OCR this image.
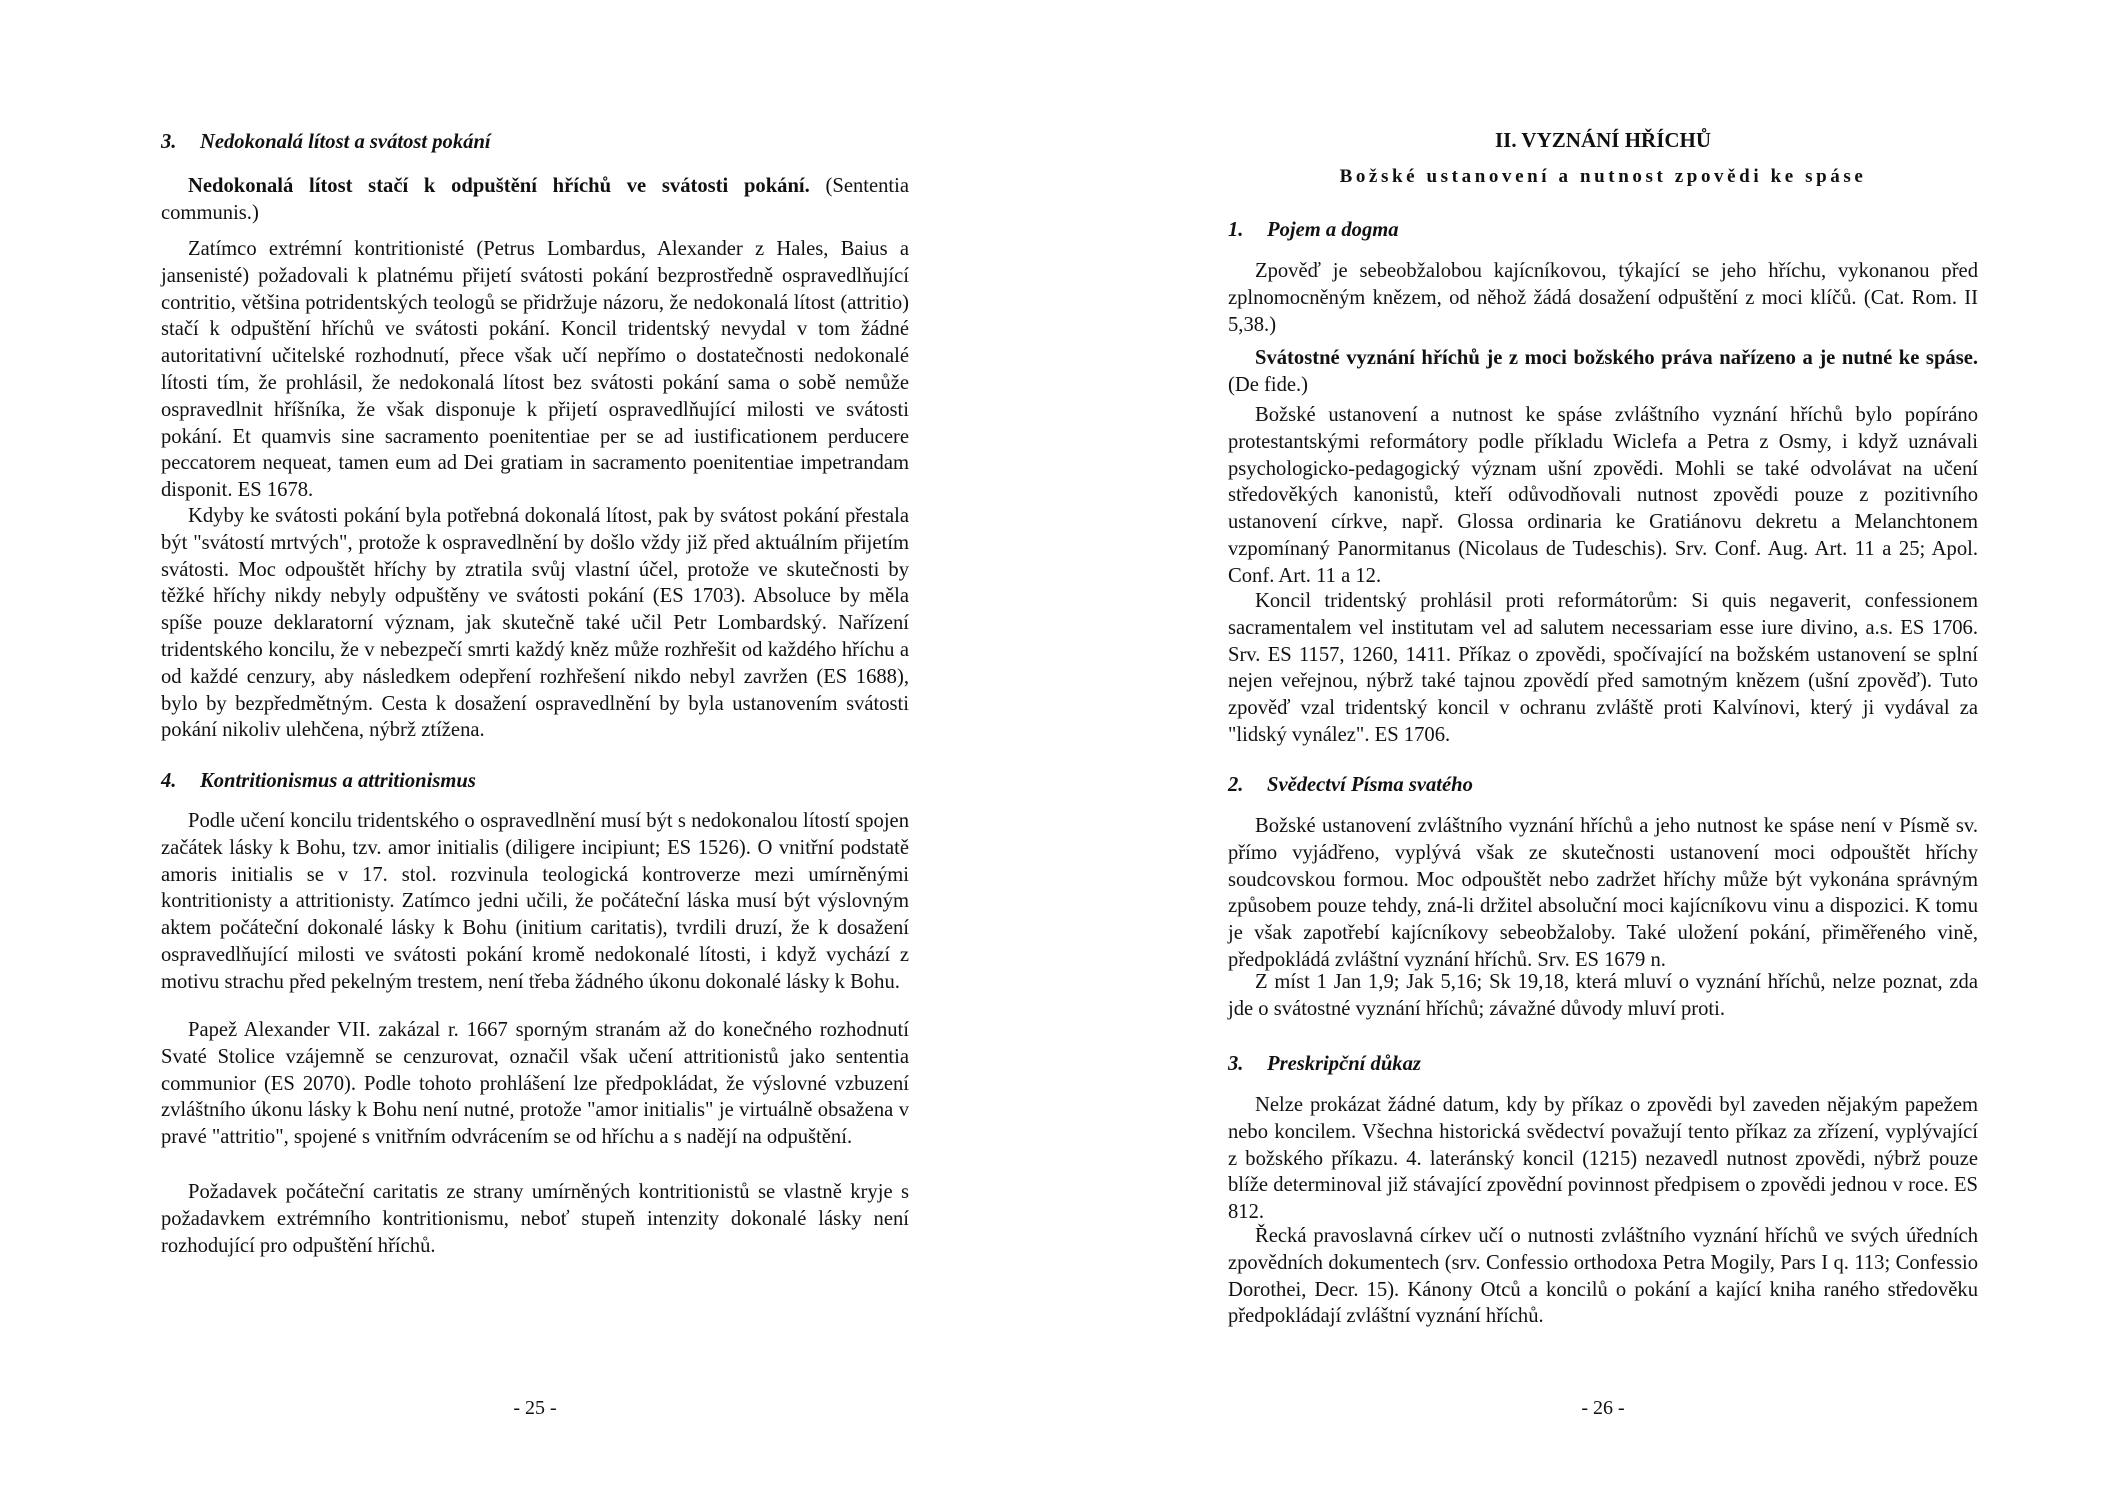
3. Nedokonalá lítost a svátost pokání
Nedokonalá lítost stačí k odpuštění hříchů ve svátosti pokání. (Sententia communis.)
Zatímco extrémní kontritionisté (Petrus Lombardus, Alexander z Hales, Baius a jansenisté) požadovali k platnému přijetí svátosti pokání bezprostředně ospravedlňující contritio, většina potridentských teologů se přidržuje názoru, že nedokonalá lítost (attritio) stačí k odpuštění hříchů ve svátosti pokání. Koncil tridentský nevydal v tom žádné autoritativní učitelské rozhodnutí, přece však učí nepřímo o dostatečnosti nedokonalé lítosti tím, že prohlásil, že nedokonalá lítost bez svátosti pokání sama o sobě nemůže ospravedlnit hříšníka, že však disponuje k přijetí ospravedlňující milosti ve svátosti pokání. Et quamvis sine sacramento poenitentiae per se ad iustificationem perducere peccatorem nequeat, tamen eum ad Dei gratiam in sacramento poenitentiae impetrandam disponit. ES 1678.
Kdyby ke svátosti pokání byla potřebná dokonalá lítost, pak by svátost pokání přestala být "svátostí mrtvých", protože k ospravedlnění by došlo vždy již před aktuálním přijetím svátosti. Moc odpouštět hříchy by ztratila svůj vlastní účel, protože ve skutečnosti by těžké hříchy nikdy nebyly odpuštěny ve svátosti pokání (ES 1703). Absoluce by měla spíše pouze deklaratorní význam, jak skutečně také učil Petr Lombardský. Nařízení tridentského koncilu, že v nebezpečí smrti každý kněz může rozhřešit od každého hříchu a od každé cenzury, aby následkem odepření rozhřešení nikdo nebyl zavržen (ES 1688), bylo by bezpředmětným. Cesta k dosažení ospravedlnění by byla ustanovením svátosti pokání nikoliv ulehčena, nýbrž ztížena.
4. Kontritionismus a attritionismus
Podle učení koncilu tridentského o ospravedlnění musí být s nedokonalou lítostí spojen začátek lásky k Bohu, tzv. amor initialis (diligere incipiunt; ES 1526). O vnitřní podstatě amoris initialis se v 17. stol. rozvinula teologická kontroverze mezi umírněnými kontritionisty a attritionisty. Zatímco jedni učili, že počáteční láska musí být výslovným aktem počáteční dokonalé lásky k Bohu (initium caritatis), tvrdili druzí, že k dosažení ospravedlňující milosti ve svátosti pokání kromě nedokonalé lítosti, i když vychází z motivu strachu před pekelným trestem, není třeba žádného úkonu dokonalé lásky k Bohu.
Papež Alexander VII. zakázal r. 1667 sporným stranám až do konečného rozhodnutí Svaté Stolice vzájemně se cenzurovat, označil však učení attritionistů jako sententia communior (ES 2070). Podle tohoto prohlášení lze předpokládat, že výslovné vzbuzení zvláštního úkonu lásky k Bohu není nutné, protože "amor initialis" je virtuálně obsažena v pravé "attritio", spojené s vnitřním odvrácením se od hříchu a s nadějí na odpuštění.
Požadavek počáteční caritatis ze strany umírněných kontritionistů se vlastně kryje s požadavkem extrémního kontritionismu, neboť stupeň intenzity dokonalé lásky není rozhodující pro odpuštění hříchů.
- 25 -
II. VYZNÁNÍ HŘÍCHŮ
Božské ustanovení a nutnost zpovědi ke spáse
1. Pojem a dogma
Zpověď je sebeobžalobou kajícníkovou, týkající se jeho hříchu, vykonanou před zplnomocněným knězem, od něhož žádá dosažení odpuštění z moci klíčů. (Cat. Rom. II 5,38.)
Svátostné vyznání hříchů je z moci božského práva nařízeno a je nutné ke spáse. (De fide.)
Božské ustanovení a nutnost ke spáse zvláštního vyznání hříchů bylo popíráno protestantskými reformátory podle příkladu Wiclefa a Petra z Osmy, i když uznávali psychologicko-pedagogický význam ušní zpovědi. Mohli se také odvolávat na učení středověkých kanonistů, kteří odůvodňovali nutnost zpovědi pouze z pozitivního ustanovení církve, např. Glossa ordinaria ke Gratiánovu dekretu a Melanchtonem vzpomínaný Panormitanus (Nicolaus de Tudeschis). Srv. Conf. Aug. Art. 11 a 25; Apol. Conf. Art. 11 a 12.
Koncil tridentský prohlásil proti reformátorům: Si quis negaverit, confessionem sacramentalem vel institutam vel ad salutem necessariam esse iure divino, a.s. ES 1706. Srv. ES 1157, 1260, 1411. Příkaz o zpovědi, spočívající na božském ustanovení se splní nejen veřejnou, nýbrž také tajnou zpovědí před samotným knězem (ušní zpověď). Tuto zpověď vzal tridentský koncil v ochranu zvláště proti Kalvínovi, který ji vydával za "lidský vynález". ES 1706.
2. Svědectví Písma svatého
Božské ustanovení zvláštního vyznání hříchů a jeho nutnost ke spáse není v Písmě sv. přímo vyjádřeno, vyplývá však ze skutečnosti ustanovení moci odpouštět hříchy soudcovskou formou. Moc odpouštět nebo zadržet hříchy může být vykonána správným způsobem pouze tehdy, zná-li držitel absoluční moci kajícníkovu vinu a dispozici. K tomu je však zapotřebí kajícníkovy sebeobžaloby. Také uložení pokání, přiměřeného vině, předpokládá zvláštní vyznání hříchů. Srv. ES 1679 n.
Z míst 1 Jan 1,9; Jak 5,16; Sk 19,18, která mluví o vyznání hříchů, nelze poznat, zda jde o svátostné vyznání hříchů; závažné důvody mluví proti.
3. Preskripční důkaz
Nelze prokázat žádné datum, kdy by příkaz o zpovědi byl zaveden nějakým papežem nebo koncilem. Všechna historická svědectví považují tento příkaz za zřízení, vyplývající z božského příkazu. 4. lateránský koncil (1215) nezavedl nutnost zpovědi, nýbrž pouze blíže determinoval již stávající zpovědní povinnost předpisem o zpovědi jednou v roce. ES 812.
Řecká pravoslavná církev učí o nutnosti zvláštního vyznání hříchů ve svých úředních zpovědních dokumentech (srv. Confessio orthodoxa Petra Mogily, Pars I q. 113; Confessio Dorothei, Decr. 15). Kánony Otců a koncilů o pokání a kající kniha raného středověku předpokládají zvláštní vyznání hříchů.
- 26 -
